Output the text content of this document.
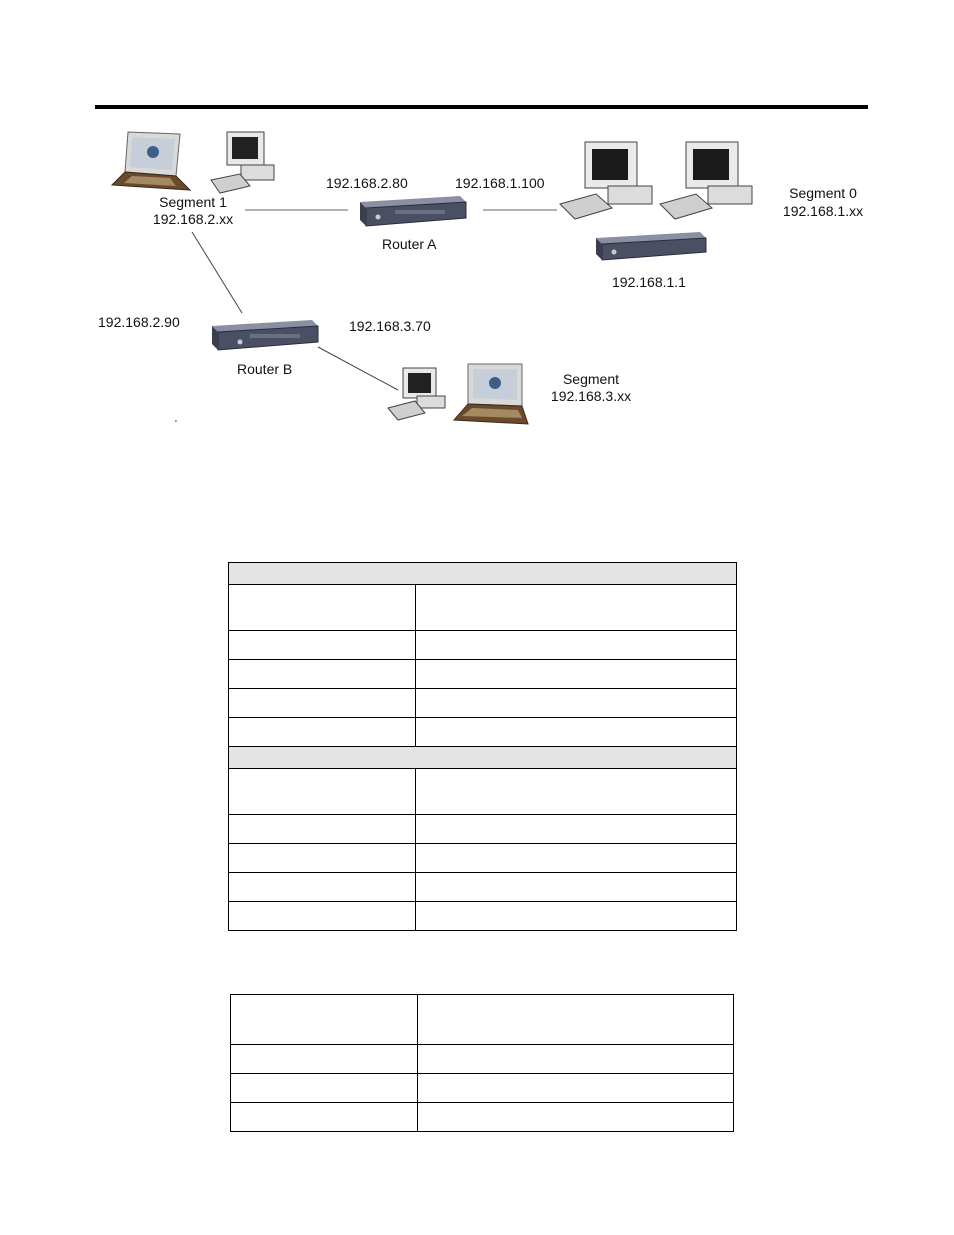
Segment 1
192.168.2.xx
192.168.2.80	192.168.1.100
Router A
Segment 0
192.168.1.xx
192.168.1.1
192.168.2.90	192.168.3.70
Router B
Segment
192.168.3.xx
'
